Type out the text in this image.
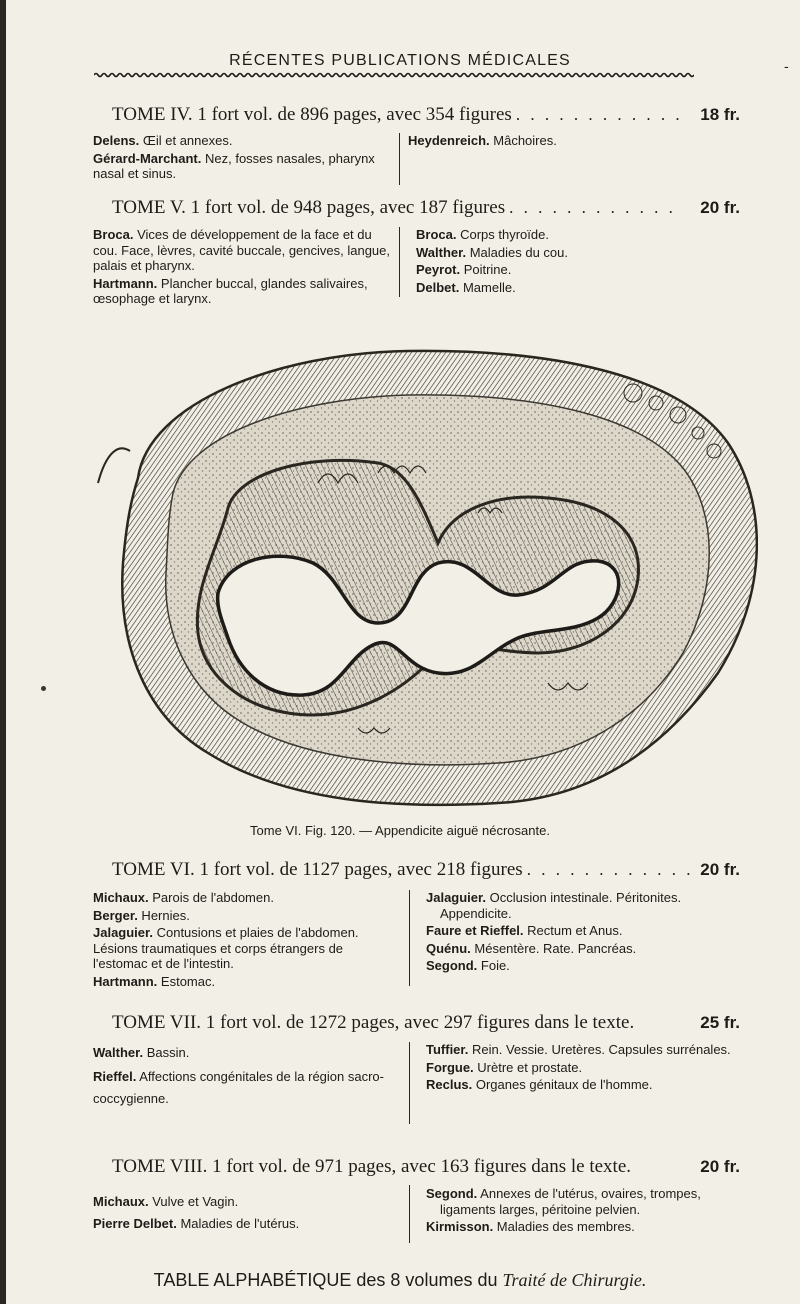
RÉCENTES PUBLICATIONS MÉDICALES	-
TOME IV. 1 fort vol. de 896 pages, avec 354 figures . . . . . . . . . . . .	18 fr.
Delens. Œil et annexes.
Gérard-Marchant. Nez, fosses nasales, pharynx nasal et sinus.
Heydenreich. Mâchoires.
TOME V. 1 fort vol. de 948 pages, avec 187 figures . . . . . . . . . . . .	20 fr.
Broca. Vices de développement de la face et du cou. Face, lèvres, cavité buccale, gencives, langue, palais et pharynx.
Hartmann. Plancher buccal, glandes salivaires, œsophage et larynx.
Broca. Corps thyroïde.
Walther. Maladies du cou.
Peyrot. Poitrine.
Delbet. Mamelle.
Tome VI. Fig. 120. — Appendicite aiguë nécrosante.
TOME VI. 1 fort vol. de 1127 pages, avec 218 figures . . . . . . . . . . . . 20 fr.
Michaux. Parois de l'abdomen.
Berger. Hernies.
Jalaguier. Contusions et plaies de l'abdomen. Lésions traumatiques et corps étrangers de l'estomac et de l'intestin.
Hartmann. Estomac.
Jalaguier. Occlusion intestinale. Péritonites. Appendicite.
Faure et Rieffel. Rectum et Anus.
Quénu. Mésentère. Rate. Pancréas.
Segond. Foie.
TOME VII. 1 fort vol. de 1272 pages, avec 297 figures dans le texte.	25 fr.
Walther. Bassin.
Rieffel. Affections congénitales de la région sacro-coccygienne.
Tuffier. Rein. Vessie. Uretères. Capsules surrénales.
Forgue. Urètre et prostate.
Reclus. Organes génitaux de l'homme.
TOME VIII. 1 fort vol. de 971 pages, avec 163 figures dans le texte.	20 fr.
Michaux. Vulve et Vagin.
Pierre Delbet. Maladies de l'utérus.
Segond. Annexes de l'utérus, ovaires, trompes, ligaments larges, péritoine pelvien.
Kirmisson. Maladies des membres.
TABLE ALPHABÉTIQUE des 8 volumes du Traité de Chirurgie.
